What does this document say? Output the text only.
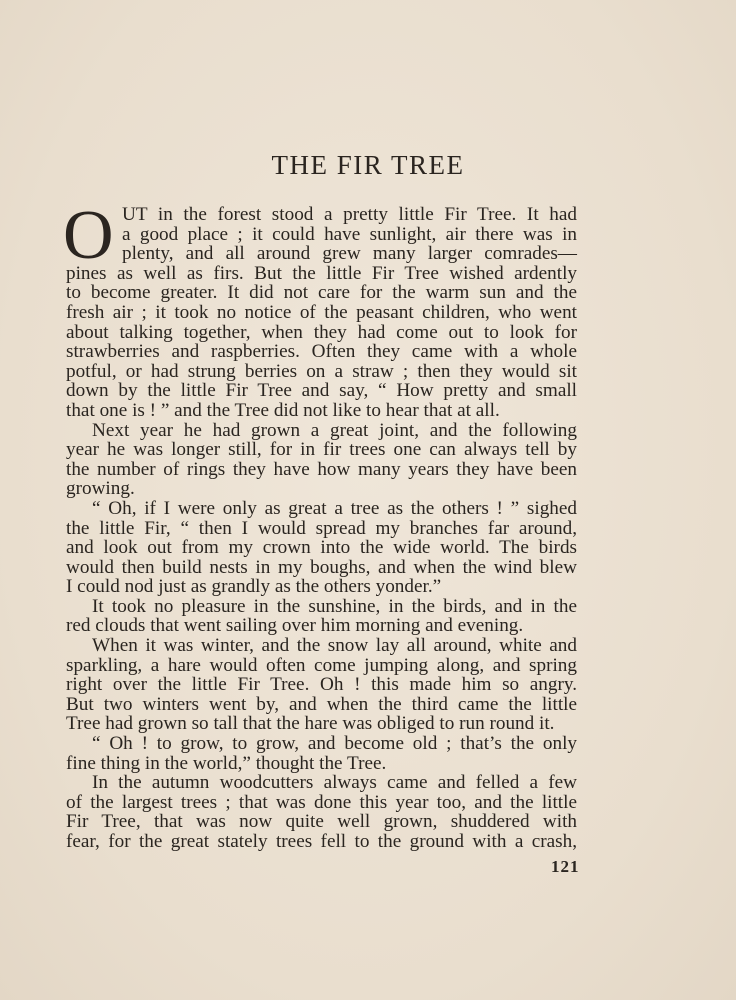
THE FIR TREE
O UT in the forest stood a pretty little Fir Tree. It had
a good place ; it could have sunlight, air there was in
plenty, and all around grew many larger comrades—
pines as well as firs. But the little Fir Tree wished ardently
to become greater. It did not care for the warm sun and the
fresh air ; it took no notice of the peasant children, who went
about talking together, when they had come out to look for
strawberries and raspberries. Often they came with a whole
potful, or had strung berries on a straw ; then they would sit
down by the little Fir Tree and say, “ How pretty and small
that one is ! ” and the Tree did not like to hear that at all.
Next year he had grown a great joint, and the following
year he was longer still, for in fir trees one can always tell by
the number of rings they have how many years they have been
growing.
“ Oh, if I were only as great a tree as the others ! ” sighed
the little Fir, “ then I would spread my branches far around,
and look out from my crown into the wide world. The birds
would then build nests in my boughs, and when the wind blew
I could nod just as grandly as the others yonder.”
It took no pleasure in the sunshine, in the birds, and in the
red clouds that went sailing over him morning and evening.
When it was winter, and the snow lay all around, white and
sparkling, a hare would often come jumping along, and spring
right over the little Fir Tree. Oh ! this made him so angry.
But two winters went by, and when the third came the little
Tree had grown so tall that the hare was obliged to run round it.
“ Oh ! to grow, to grow, and become old ; that’s the only
fine thing in the world,” thought the Tree.
In the autumn woodcutters always came and felled a few
of the largest trees ; that was done this year too, and the little
Fir Tree, that was now quite well grown, shuddered with
fear, for the great stately trees fell to the ground with a crash,
121
